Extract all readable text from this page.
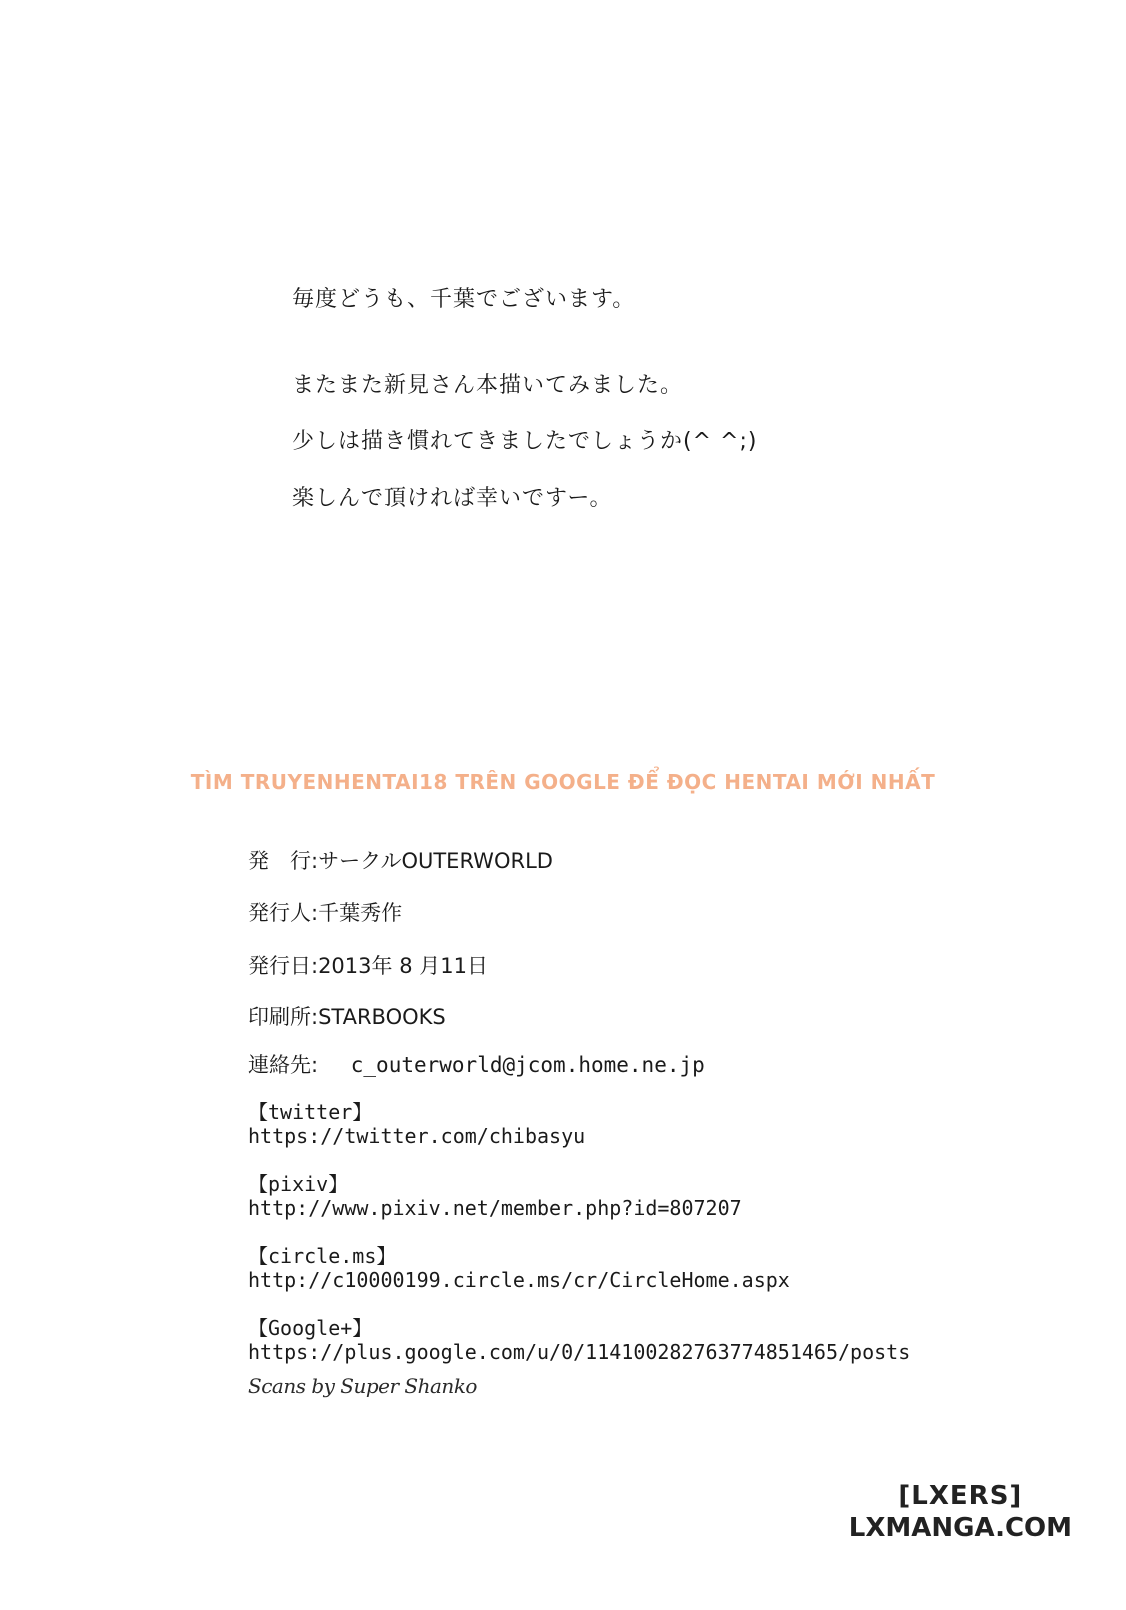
毎度どうも、千葉でございます。
またまた新見さん本描いてみました。
少しは描き慣れてきましたでしょうか(^ ^;)
楽しんで頂ければ幸いですー。
TÌM TRUYENHENTAI18 TRÊN GOOGLE ĐỂ ĐỌC HENTAI MỚI NHẤT
発　行:サークルOUTERWORLD
発行人:千葉秀作
発行日:2013年 8 月11日
印刷所:STARBOOKS
連絡先: c_outerworld@jcom.home.ne.jp
【twitter】
https://twitter.com/chibasyu
【pixiv】
http://www.pixiv.net/member.php?id=807207
【circle.ms】
http://c10000199.circle.ms/cr/CircleHome.aspx
【Google+】
https://plus.google.com/u/0/114100282763774851465/posts
Scans by Super Shanko
[LXERS]
LXMANGA.COM
